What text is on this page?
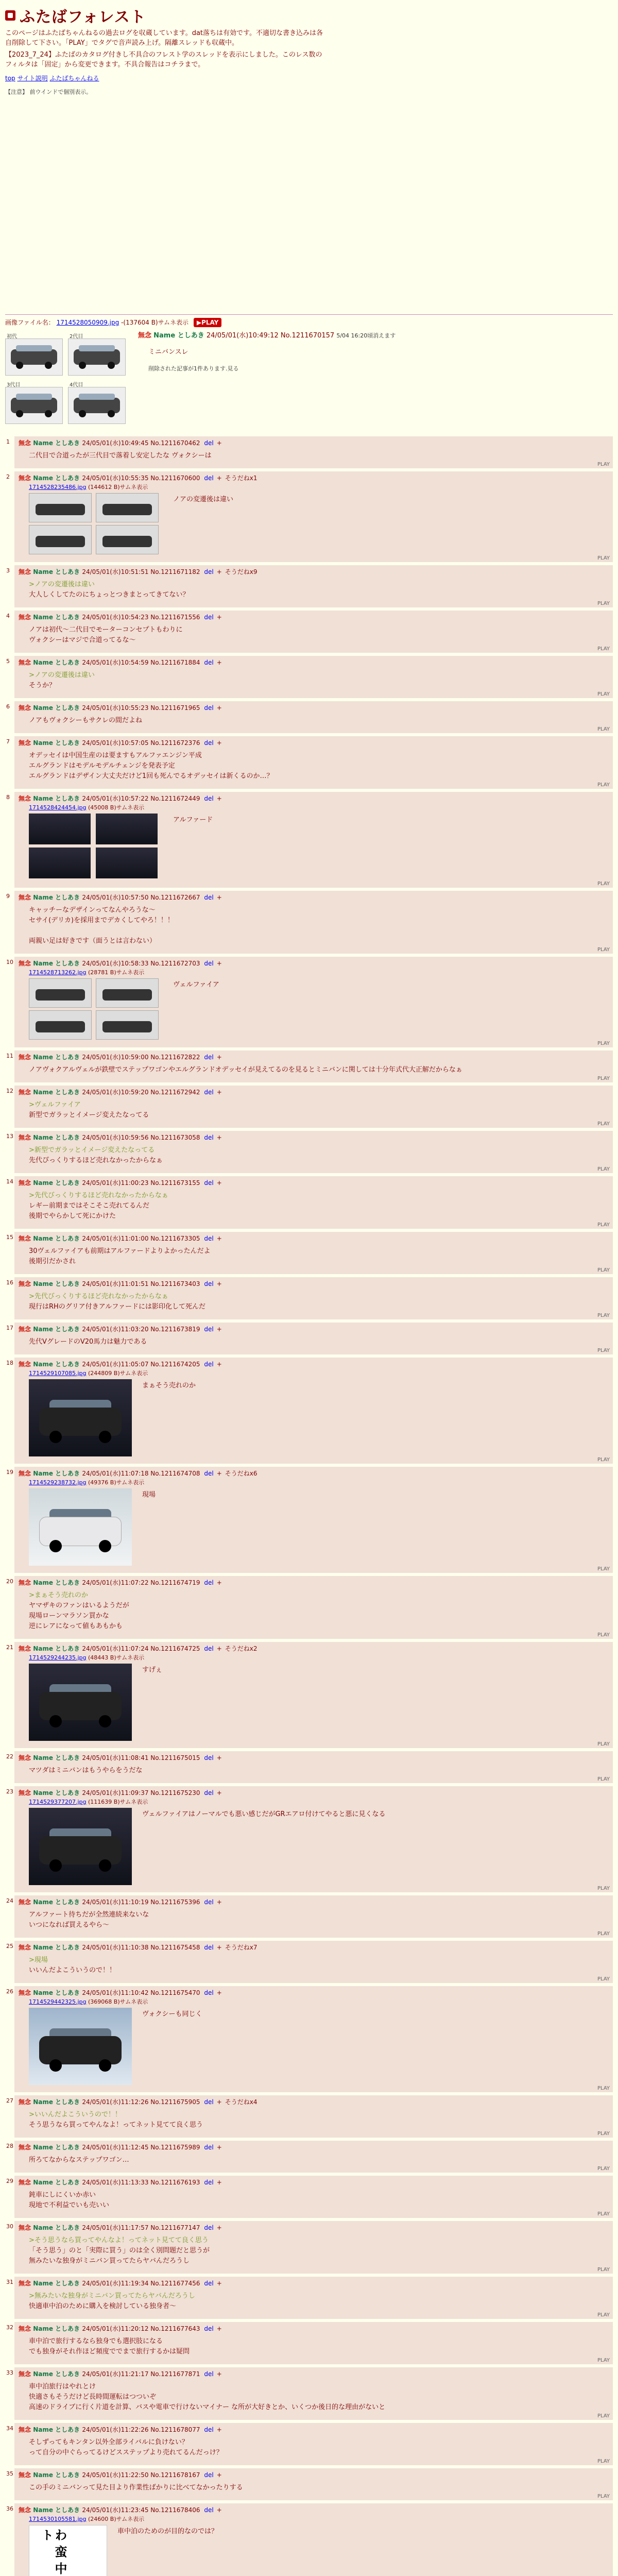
ふたばフォレスト

このページはふたばちゃんねるの過去ログを収蔵しています。dat落ちは有効です。不適切な書き込みは各自削除して下さい。「PLAY」でタグで音声読み上げ。隔離スレッドも収蔵中。

【2023_7_24】ふたばのカタログ付きし不具合のフレスト学のスレッドを表示にしました。このレス数のフィルタは「固定」から変更できます。不具合報告はコチラまで。

top サイト説明 ふたばちゃんねる
【注意】 前ウインドで個別表示。
画像ファイル名： 1714528050909.jpg -(137604 B)サムネ表示 ▶PLAY
初代	2代目
3代目	4代目
無念 Name としあき 24/05/01(水)10:49:12 No.1211670157 5/04 16:20頃消えます
ミニバンスレ
削除された記事が1件あります.見る
1 無念 Name としあき 24/05/01(水)10:49:45 No.1211670462 del +
二代目で合道ったが三代目で落着し安定したな ヴォクシーは
PLAY
2 無念 Name としあき 24/05/01(水)10:55:35 No.1211670600 del + そうだねx1
1714528235486.jpg (144612 B)サムネ表示
ノアの変遷後は違い
PLAY
3 無念 Name としあき 24/05/01(水)10:51:51 No.1211671182 del + そうだねx9
>ノアの変遷後は違い
大人しくしてたのにちょっとつきまとってきてない？
PLAY
4 無念 Name としあき 24/05/01(水)10:54:23 No.1211671556 del +
ノアは初代〜二代目でモーターコンセプトもわりに
ヴォクシーはマジで合道ってるな〜
PLAY
5 無念 Name としあき 24/05/01(水)10:54:59 No.1211671884 del +
>ノアの変遷後は違い
そうか？
PLAY
6 無念 Name としあき 24/05/01(水)10:55:23 No.1211671965 del +
ノアもヴォクシーもサクレの間だよね
PLAY
7 無念 Name としあき 24/05/01(水)10:57:05 No.1211672376 del +
オデッセイは中国生産のは要ますもアルファエンジン平成
エルグランドはモデルモデルチェンジを発表予定
エルグランドはデザイン大丈夫だけど1回も死んでるオデッセイは新くるのか…？
PLAY
8 無念 Name としあき 24/05/01(水)10:57:22 No.1211672449 del +
1714528424454.jpg (45008 B)サムネ表示
アルファード
PLAY
9 無念 Name としあき 24/05/01(水)10:57:50 No.1211672667 del +
キャッチーなデザインってなんやろうな〜
セサイ(デリカ)を採用までデカくしてやろ！！！

両親い足は好きです（面うとは言わない）
PLAY
10 無念 Name としあき 24/05/01(水)10:58:33 No.1211672703 del +
1714528713262.jpg (28781 B)サムネ表示
ヴェルファイア
PLAY
11 無念 Name としあき 24/05/01(水)10:59:00 No.1211672822 del +
ノアヴォクアルヴェルが鉄壁でステップワゴンやエルグランドオデッセイが見えてるのを見るとミニバンに関しては十分年式代大正解だからなぁ
PLAY
12 無念 Name としあき 24/05/01(水)10:59:20 No.1211672942 del +
>ヴェルファイア
新型でガラッとイメージ変えたなってる
PLAY
13 無念 Name としあき 24/05/01(水)10:59:56 No.1211673058 del +
>新型でガラッとイメージ変えたなってる
先代ぴっくりするほど売れなかったからなぁ
PLAY
14 無念 Name としあき 24/05/01(水)11:00:23 No.1211673155 del +
>先代びっくりするほど売れなかったからなぁ
レギー前期まではそこそこ売れてるんだ
後期でやらかして死にかけた
PLAY
15 無念 Name としあき 24/05/01(水)11:01:00 No.1211673305 del +
30ヴェルファイアも前期はアルファードよりよかったんだよ
後期引だかされ
PLAY
16 無念 Name としあき 24/05/01(水)11:01:51 No.1211673403 del +
>先代びっくりするほど売れなかったからなぁ
現行はRHのグリア付きアルファードには影印化して死んだ
PLAY
17 無念 Name としあき 24/05/01(水)11:03:20 No.1211673819 del +
先代VグレードのV20馬力は魅力である
PLAY
18 無念 Name としあき 24/05/01(水)11:05:07 No.1211674205 del +
1714529107085.jpg (244809 B)サムネ表示
まぁそう売れのか
PLAY
19 無念 Name としあき 24/05/01(水)11:07:18 No.1211674708 del + そうだねx6
1714529238732.jpg (49376 B)サムネ表示
現場
PLAY
20 無念 Name としあき 24/05/01(水)11:07:22 No.1211674719 del +
>まぁそう売れのか
ヤマザキのファンはいるようだが
現場ローンマラソン買かな
逆にレアになって値もあもかも
PLAY
21 無念 Name としあき 24/05/01(水)11:07:24 No.1211674725 del + そうだねx2
1714529244235.jpg (48443 B)サムネ表示
すげぇ
PLAY
22 無念 Name としあき 24/05/01(水)11:08:41 No.1211675015 del +
マツダはミニバンはもうやらをうだな
PLAY
23 無念 Name としあき 24/05/01(水)11:09:37 No.1211675230 del +
1714529377207.jpg (111639 B)サムネ表示
ヴェルファイアはノーマルでも悪い感じだがGRエアロ付けてやると悪に見くなる
PLAY
24 無念 Name としあき 24/05/01(水)11:10:19 No.1211675396 del +
アルファート待ちだが全然連続来ないな
いつになれば買えるやら〜
PLAY
25 無念 Name としあき 24/05/01(水)11:10:38 No.1211675458 del + そうだねx7
>現場
いいんだよこういうので！！
PLAY
26 無念 Name としあき 24/05/01(水)11:10:42 No.1211675470 del +
1714529442325.jpg (369068 B)サムネ表示
ヴォクシーも同じく
PLAY
27 無念 Name としあき 24/05/01(水)11:12:26 No.1211675905 del + そうだねx4
>いいんだよこういうので！！
そう思うなら買ってやんなよ！ってネット見てて良く思う
PLAY
28 無念 Name としあき 24/05/01(水)11:12:45 No.1211675989 del +
所ろてなからなステップワゴン…
PLAY
29 無念 Name としあき 24/05/01(水)11:13:33 No.1211676193 del +
鈍車にしにくいか赤い
現地で不利益でいも売いい
PLAY
30 無念 Name としあき 24/05/01(水)11:17:57 No.1211677147 del +
>そう思うなら買ってやんなよ！ってネット見てて良く思う
「そう思う」のと「実際に買う」のは全く別問題だと思うが
無みたいな独身がミニバン買ってたらヤバんだろうし
PLAY
31 無念 Name としあき 24/05/01(水)11:19:34 No.1211677456 del +
>無みたいな独身がミニバン買ってたらヤバんだろうし
快適車中泊のために購入を検討している独身者〜
PLAY
32 無念 Name としあき 24/05/01(水)11:20:12 No.1211677643 del +
車中泊で旅行するなら独身でも選択肢になる
でも独身がそれ作ほど頻度ででまで旅行するかは疑問
PLAY
33 無念 Name としあき 24/05/01(水)11:21:17 No.1211677871 del +
車中泊旅行はやれとけ
快適さもそうだけど長時間運転はつついぞ
高速のドライブに行く片道を計算、バスや電車で行けないマイナー な所が大好きとか、いくつか後日的な理由がないと
PLAY
34 無念 Name としあき 24/05/01(水)11:22:26 No.1211678077 del +
そしずってもキンタン以外全部ライバルに負けない？
って自分の中ぐらってるけどスステップより売れてるんだっけ？
PLAY
35 無念 Name としあき 24/05/01(水)11:22:50 No.1211678167 del +
この手のミニバンって見た目より作業性ばかりに比べてなかったりする
PLAY
36 無念 Name としあき 24/05/01(水)11:23:45 No.1211678406 del +
1714530105581.jpg (24600 B)サムネ表示
わ 蛮 中 ト	車中泊のためのが目的なのでは？
